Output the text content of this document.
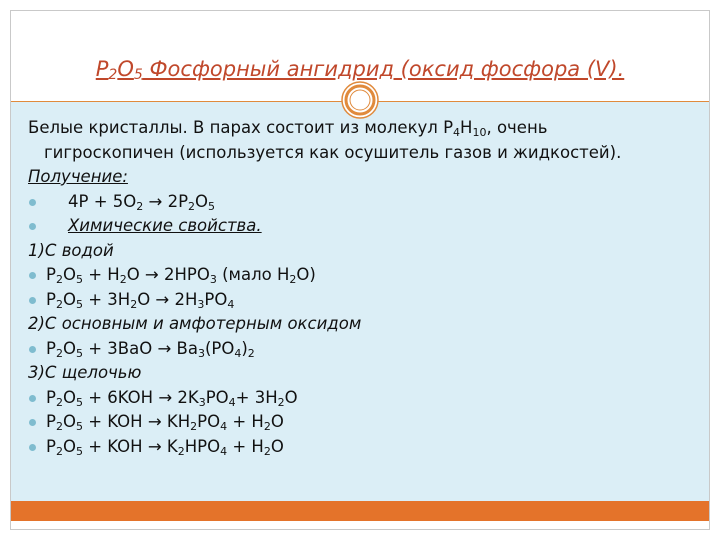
$P_2O_5$ Фосфорный ангидрид (оксид фосфора (V).
Белые кристаллы. В парах состоит из молекул $P_4H_{10}$, очень
гигроскопичен (используется как осушитель газов и жидкостей).
Получение:
$4P + 5O_2 \to 2P_2O_5$
Химические свойства.
1)С водой
$P_2O_5 + H_2O \to 2HPO_3$ (мало $H_2O$)
$P_2O_5 + 3H_2O \to 2H_3PO_4$
2)С основным и амфотерным оксидом
$P_2O_5 + 3BaO \to Ba_3(PO_4)_2$
3)С щелочью
$P_2O_5 + 6KOH \to 2K_3PO_4+ 3H_2O$
$P_2O_5$ + KOH → $KH_2PO_4 + H_2O$
$P_2O_5$ + KOH → $K_2HPO_4 + H_2O$
